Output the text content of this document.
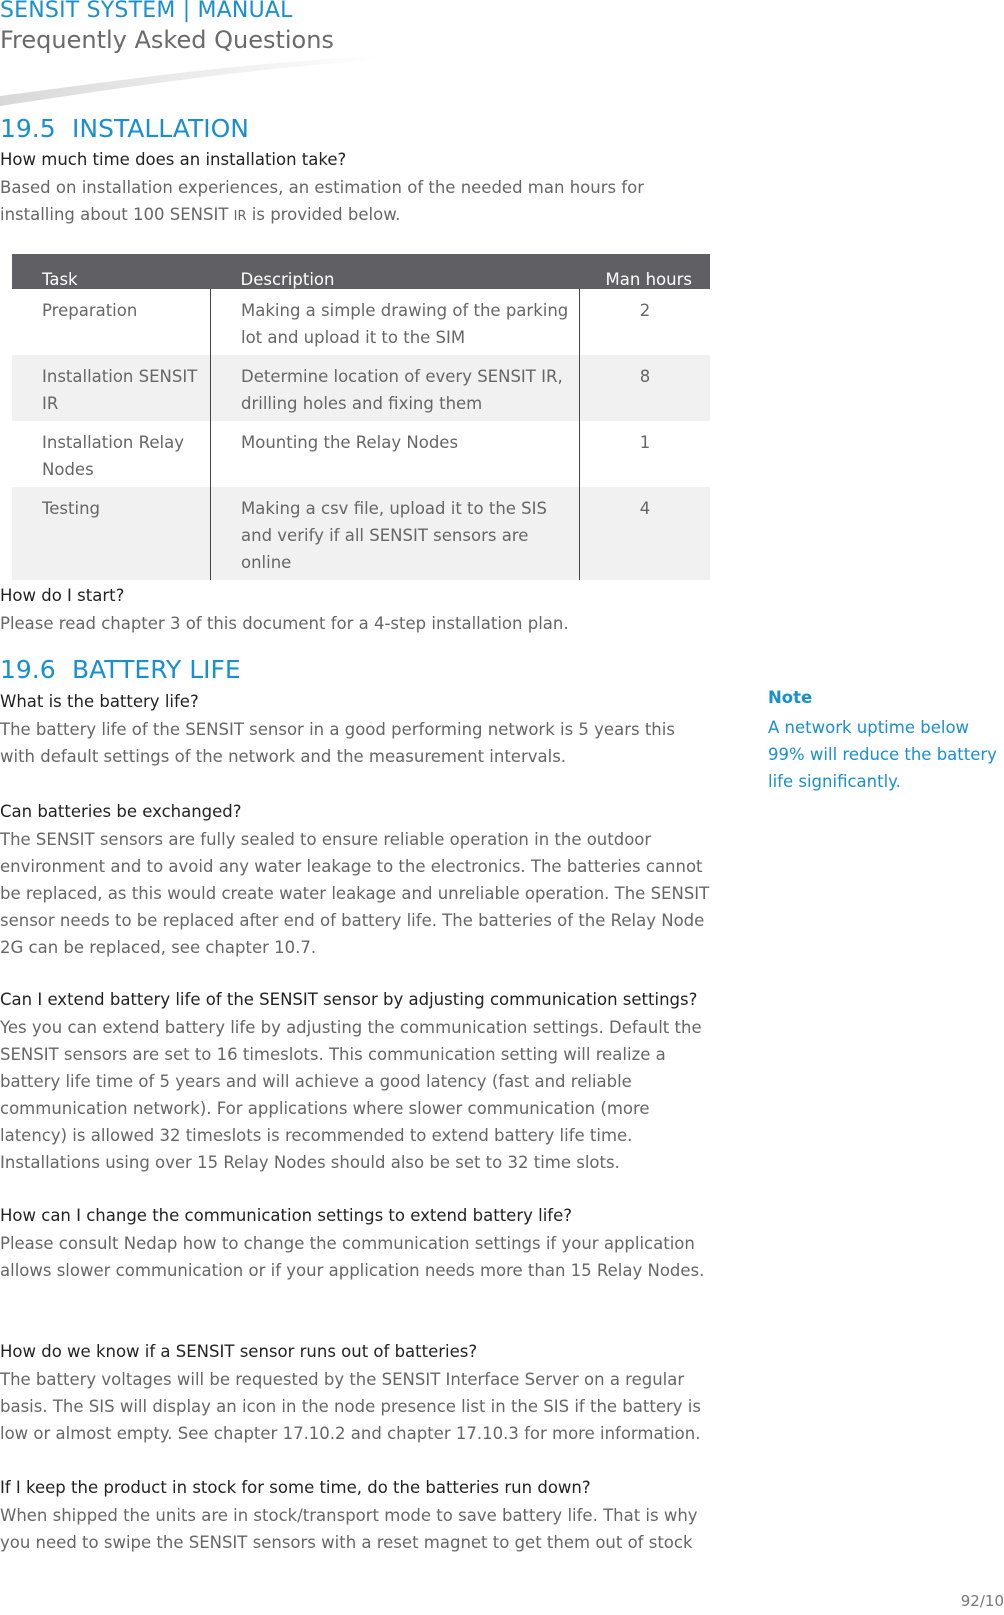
SENSIT SYSTEM | MANUAL
Frequently Asked Questions
19.5 INSTALLATION
How much time does an installation take?

Based on installation experiences, an estimation of the needed man hours for installing about 100 SENSIT IR is provided below.

Task	Description	Man hours
Preparation	Making a simple drawing of the parking lot and upload it to the SIM	2
Installation SENSIT IR	Determine location of every SENSIT IR, drilling holes and fixing them	8
Installation Relay Nodes	Mounting the Relay Nodes	1
Testing	Making a csv file, upload it to the SIS and verify if all SENSIT sensors are online	4
How do I start?

Please read chapter 3 of this document for a 4-step installation plan.

19.6 BATTERY LIFE
What is the battery life?

The battery life of the SENSIT sensor in a good performing network is 5 years this with default settings of the network and the measurement intervals.

Can batteries be exchanged?

The SENSIT sensors are fully sealed to ensure reliable operation in the outdoor environment and to avoid any water leakage to the electronics. The batteries cannot be replaced, as this would create water leakage and unreliable operation. The SENSIT sensor needs to be replaced after end of battery life. The batteries of the Relay Node 2G can be replaced, see chapter 10.7.

Can I extend battery life of the SENSIT sensor by adjusting communication settings?

Yes you can extend battery life by adjusting the communication settings. Default the SENSIT sensors are set to 16 timeslots. This communication setting will realize a battery life time of 5 years and will achieve a good latency (fast and reliable communication network). For applications where slower communication (more latency) is allowed 32 timeslots is recommended to extend battery life time. Installations using over 15 Relay Nodes should also be set to 32 time slots.

How can I change the communication settings to extend battery life?

Please consult Nedap how to change the communication settings if your application allows slower communication or if your application needs more than 15 Relay Nodes.

How do we know if a SENSIT sensor runs out of batteries?

The battery voltages will be requested by the SENSIT Interface Server on a regular basis. The SIS will display an icon in the node presence list in the SIS if the battery is low or almost empty. See chapter 17.10.2 and chapter 17.10.3 for more information.

If I keep the product in stock for some time, do the batteries run down?

When shipped the units are in stock/transport mode to save battery life. That is why you need to swipe the SENSIT sensors with a reset magnet to get them out of stock

Note

A network uptime below 99% will reduce the battery life significantly.

92/10
